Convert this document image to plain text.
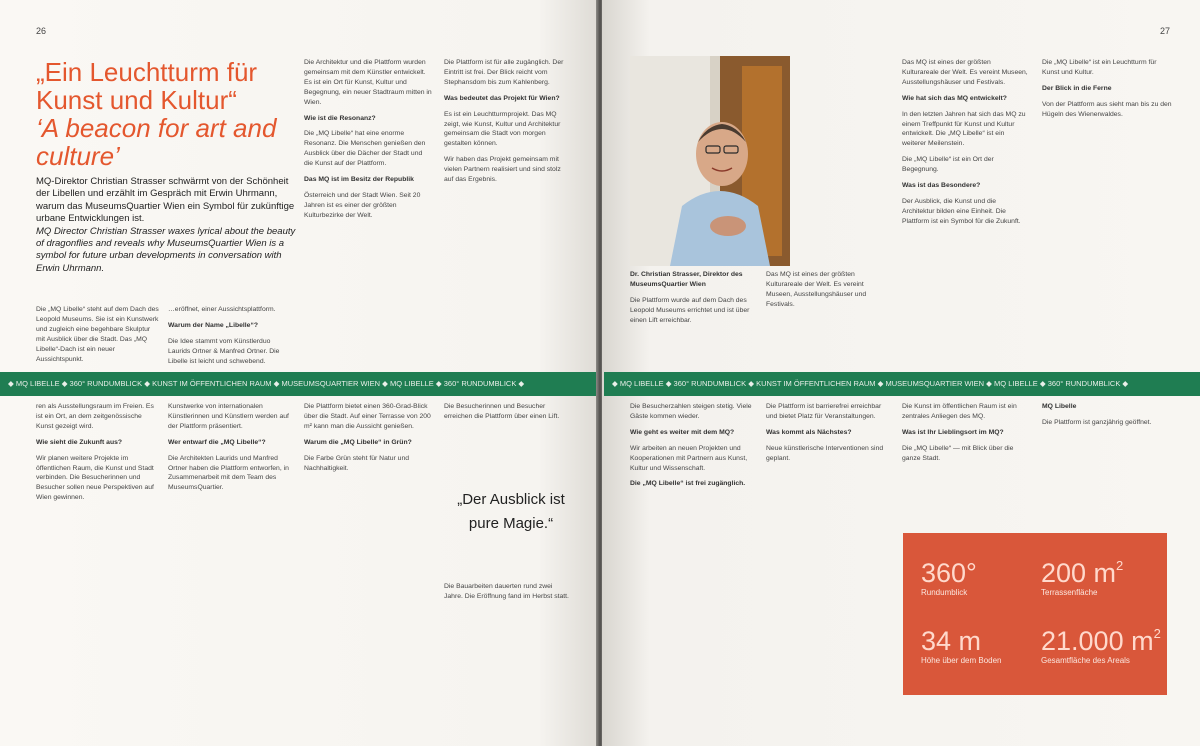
26
„Ein Leuchtturm für Kunst und Kultur“
‘A beacon for art and culture’

MQ-Direktor Christian Strasser schwärmt von der Schönheit der Libellen und erzählt im Gespräch mit Erwin Uhrmann, warum das MuseumsQuartier Wien ein Symbol für zukünftige urbane Entwicklungen ist.

MQ Director Christian Strasser waxes lyrical about the beauty of dragonflies and reveals why MuseumsQuartier Wien is a symbol for future urban developments in conversation with Erwin Uhrmann.

Die „MQ Libelle“ steht auf dem Dach des Leopold Museums. Sie ist ein Kunstwerk und zugleich eine begehbare Skulptur mit Ausblick über die Stadt. Das „MQ Libelle“-Dach ist ein neuer Aussichtspunkt.

…eröffnet, einer Aussichtsplattform.

Warum der Name „Libelle“?

Die Idee stammt vom Künstlerduo Laurids Ortner & Manfred Ortner. Die Libelle ist leicht und schwebend.

Die Architektur und die Plattform wurden gemeinsam mit dem Künstler entwickelt. Es ist ein Ort für Kunst, Kultur und Begegnung, ein neuer Stadtraum mitten in Wien.

Wie ist die Resonanz?

Die „MQ Libelle“ hat eine enorme Resonanz. Die Menschen genießen den Ausblick über die Dächer der Stadt und die Kunst auf der Plattform.

Das MQ ist im Besitz der Republik

Österreich und der Stadt Wien. Seit 20 Jahren ist es einer der größten Kulturbezirke der Welt.

Die Plattform ist für alle zugänglich. Der Eintritt ist frei. Der Blick reicht vom Stephansdom bis zum Kahlenberg.

Was bedeutet das Projekt für Wien?

Es ist ein Leuchtturmprojekt. Das MQ zeigt, wie Kunst, Kultur und Architektur gemeinsam die Stadt von morgen gestalten können.

Wir haben das Projekt gemeinsam mit vielen Partnern realisiert und sind stolz auf das Ergebnis.

ren als Ausstellungsraum im Freien. Es ist ein Ort, an dem zeitgenössische Kunst gezeigt wird.

Wie sieht die Zukunft aus?

Wir planen weitere Projekte im öffentlichen Raum, die Kunst und Stadt verbinden. Die Besucherinnen und Besucher sollen neue Perspektiven auf Wien gewinnen.

Kunstwerke von internationalen Künstlerinnen und Künstlern werden auf der Plattform präsentiert.

Wer entwarf die „MQ Libelle“?

Die Architekten Laurids und Manfred Ortner haben die Plattform entworfen, in Zusammenarbeit mit dem Team des MuseumsQuartier.

Die Plattform bietet einen 360-Grad-Blick über die Stadt. Auf einer Terrasse von 200 m² kann man die Aussicht genießen.

Warum die „MQ Libelle“ in Grün?

Die Farbe Grün steht für Natur und Nachhaltigkeit.

Die Besucherinnen und Besucher erreichen die Plattform über einen Lift.

Die Bauarbeiten dauerten rund zwei Jahre. Die Eröffnung fand im Herbst statt.

„Der Ausblick ist pure Magie.“
◆ MQ LIBELLE ◆ 360° RUNDUMBLICK ◆ KUNST IM ÖFFENTLICHEN RAUM ◆ MUSEUMSQUARTIER WIEN ◆ MQ LIBELLE ◆ 360° RUNDUMBLICK ◆
27

Dr. Christian Strasser, Direktor des MuseumsQuartier Wien

Die Plattform wurde auf dem Dach des Leopold Museums errichtet und ist über einen Lift erreichbar.

Das MQ ist eines der größten Kulturareale der Welt. Es vereint Museen, Ausstellungshäuser und Festivals.

Das MQ ist eines der größten Kulturareale der Welt. Es vereint Museen, Ausstellungshäuser und Festivals.

Wie hat sich das MQ entwickelt?

In den letzten Jahren hat sich das MQ zu einem Treffpunkt für Kunst und Kultur entwickelt. Die „MQ Libelle“ ist ein weiterer Meilenstein.

Die „MQ Libelle“ ist ein Ort der Begegnung.

Was ist das Besondere?

Der Ausblick, die Kunst und die Architektur bilden eine Einheit. Die Plattform ist ein Symbol für die Zukunft.

Die „MQ Libelle“ ist ein Leuchtturm für Kunst und Kultur.

Der Blick in die Ferne

Von der Plattform aus sieht man bis zu den Hügeln des Wienerwaldes.

Die Besucherzahlen steigen stetig. Viele Gäste kommen wieder.

Wie geht es weiter mit dem MQ?

Wir arbeiten an neuen Projekten und Kooperationen mit Partnern aus Kunst, Kultur und Wissenschaft.

Die „MQ Libelle“ ist frei zugänglich.

Die Plattform ist barrierefrei erreichbar und bietet Platz für Veranstaltungen.

Was kommt als Nächstes?

Neue künstlerische Interventionen sind geplant.

Die Kunst im öffentlichen Raum ist ein zentrales Anliegen des MQ.

Was ist Ihr Lieblingsort im MQ?

Die „MQ Libelle“ — mit Blick über die ganze Stadt.

MQ Libelle

Die Plattform ist ganzjährig geöffnet.

◆ MQ LIBELLE ◆ 360° RUNDUMBLICK ◆ KUNST IM ÖFFENTLICHEN RAUM ◆ MUSEUMSQUARTIER WIEN ◆ MQ LIBELLE ◆ 360° RUNDUMBLICK ◆
360°
Rundumblick
200 $m^2$
Terrassenfläche
34 m
Höhe über dem Boden
21.000 $m^2$
Gesamtfläche des Areals
